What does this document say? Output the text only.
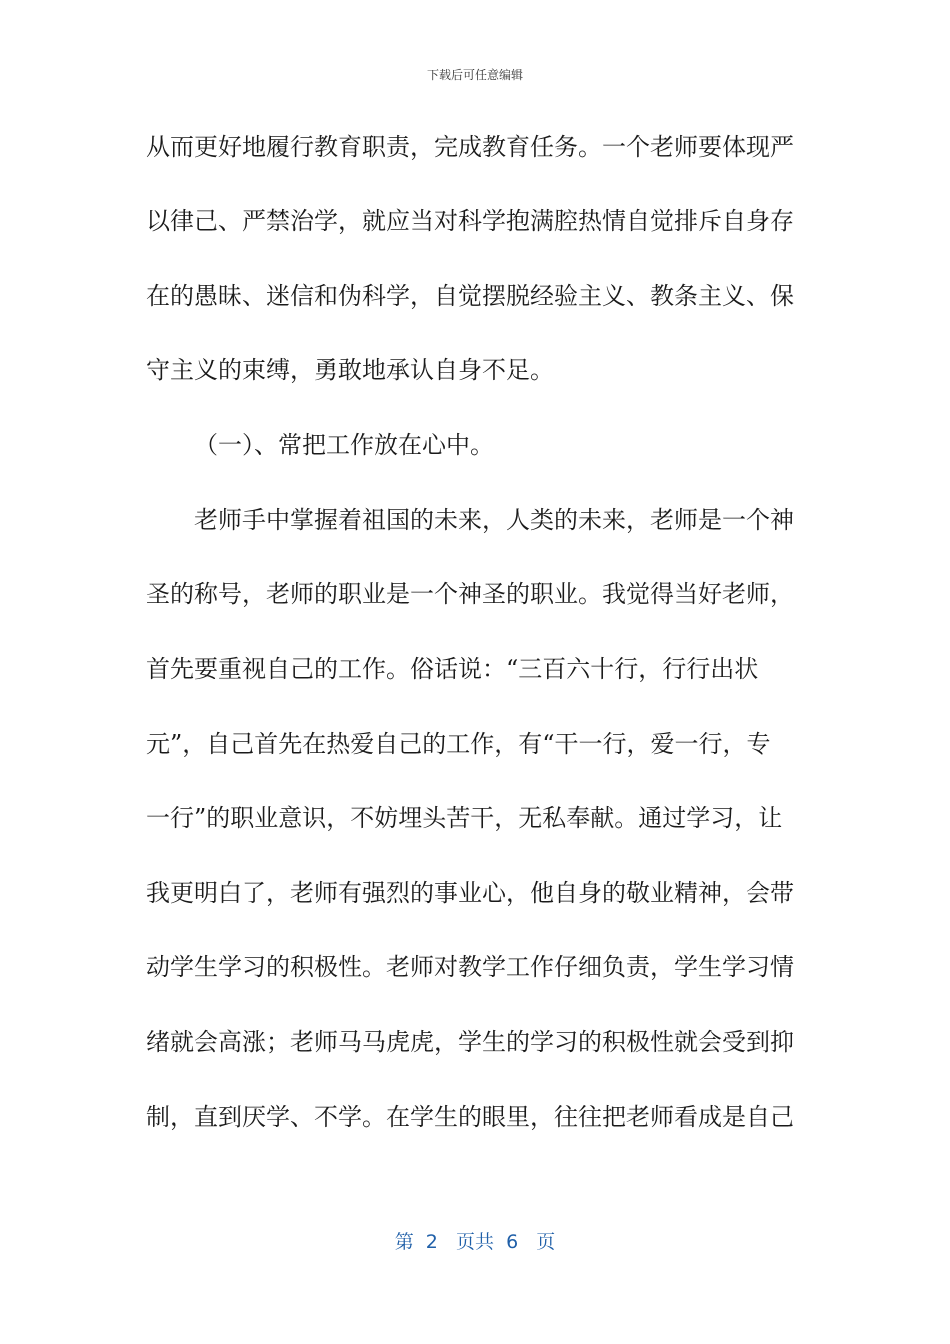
下载后可任意编辑
从而更好地履行教育职责，完成教育任务。一个老师要体现严
以律己、严禁治学，就应当对科学抱满腔热情自觉排斥自身存
在的愚昧、迷信和伪科学，自觉摆脱经验主义、教条主义、保
守主义的束缚，勇敢地承认自身不足。
（一）、常把工作放在心中。
老师手中掌握着祖国的未来，人类的未来，老师是一个神
圣的称号，老师的职业是一个神圣的职业。我觉得当好老师，
首先要重视自己的工作。俗话说：“三百六十行，行行出状
元”，自己首先在热爱自己的工作，有“干一行，爱一行，专
一行”的职业意识，不妨埋头苦干，无私奉献。通过学习，让
我更明白了，老师有强烈的事业心，他自身的敬业精神，会带
动学生学习的积极性。老师对教学工作仔细负责，学生学习情
绪就会高涨；老师马马虎虎，学生的学习的积极性就会受到抑
制，直到厌学、不学。在学生的眼里，往往把老师看成是自己
第  2   页共  6   页
